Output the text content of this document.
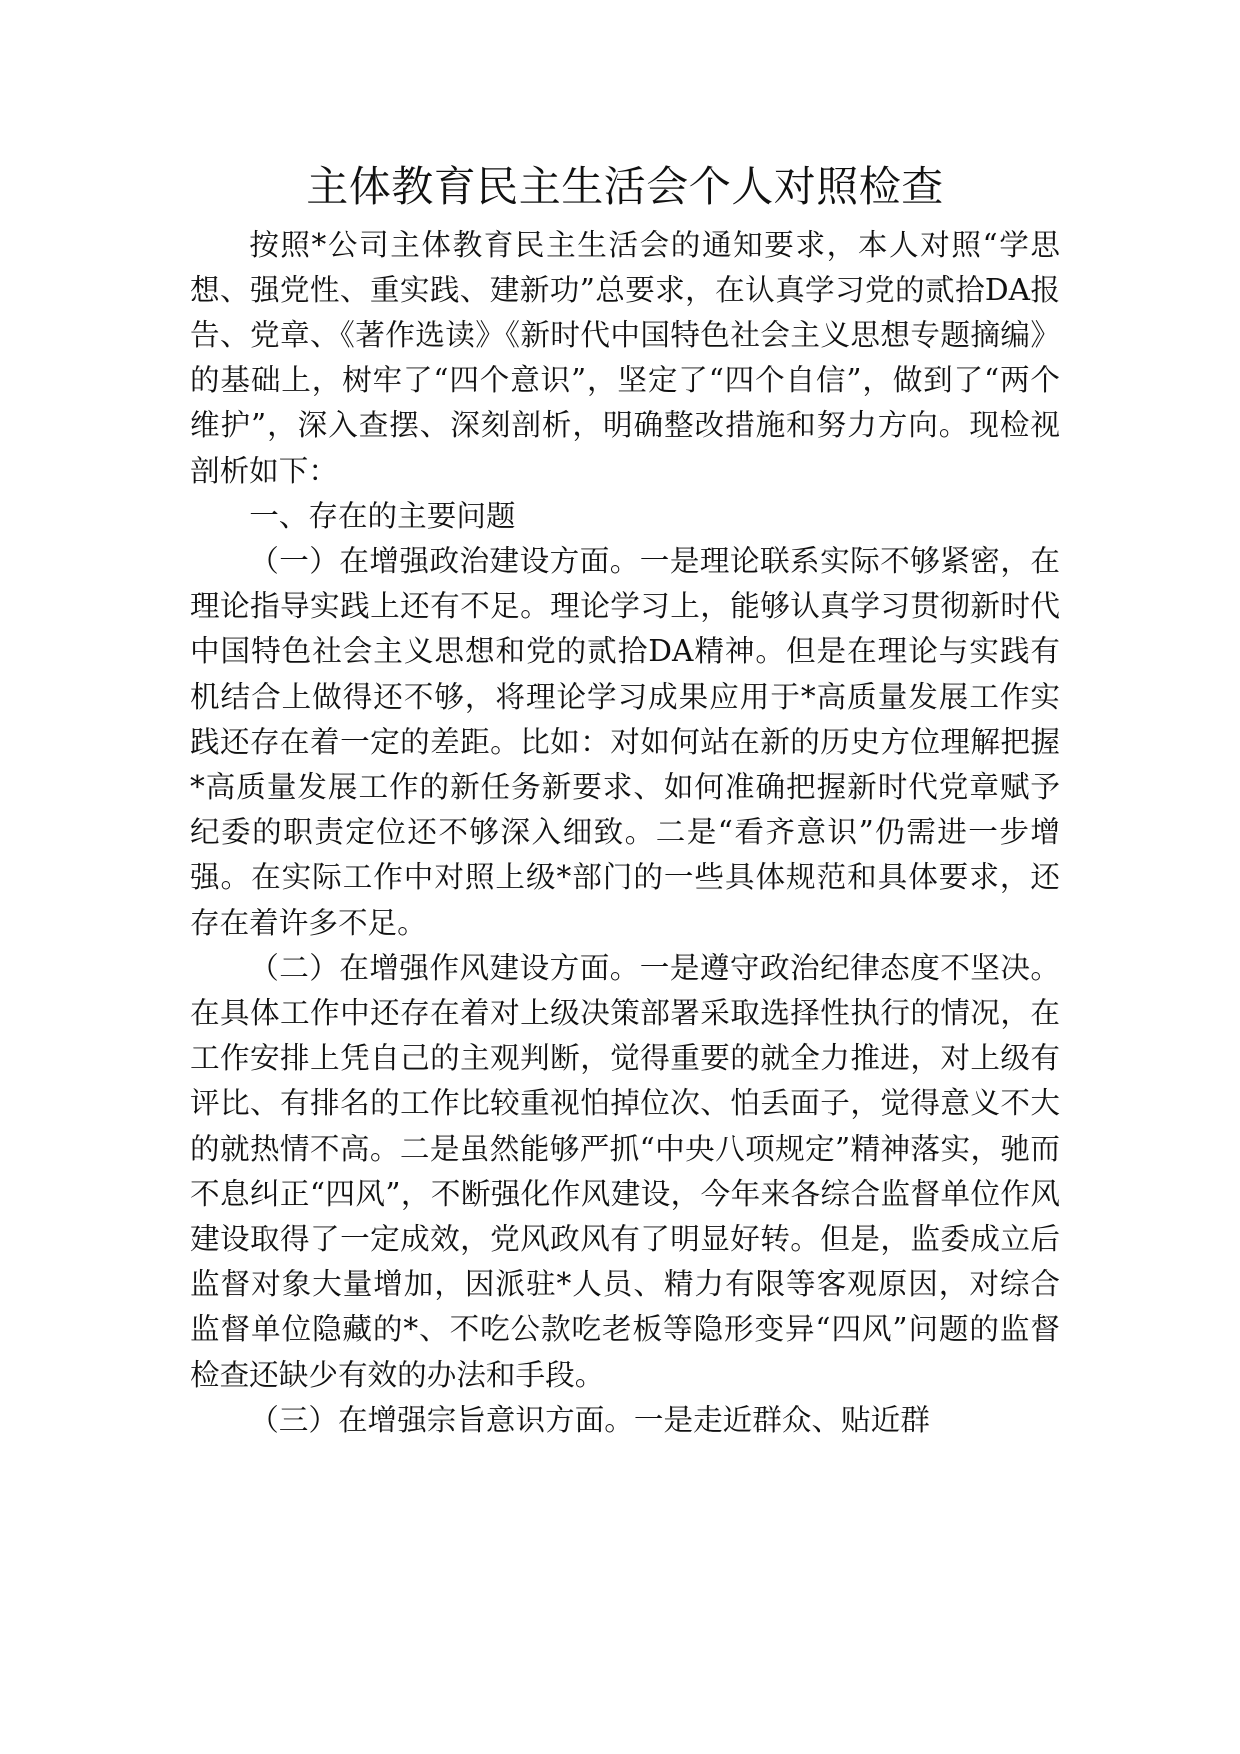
主体教育民主生活会个人对照检查

按照*公司主体教育民主生活会的通知要求，本人对照“学思想、强党性、重实践、建新功”总要求，在认真学习党的贰拾DA报告、党章、《著作选读》《新时代中国特色社会主义思想专题摘编》的基础上，树牢了“四个意识”，坚定了“四个自信”，做到了“两个维护”，深入查摆、深刻剖析，明确整改措施和努力方向。现检视剖析如下：

一、存在的主要问题

（一）在增强政治建设方面。一是理论联系实际不够紧密，在理论指导实践上还有不足。理论学习上，能够认真学习贯彻新时代中国特色社会主义思想和党的贰拾DA精神。但是在理论与实践有机结合上做得还不够，将理论学习成果应用于*高质量发展工作实践还存在着一定的差距。比如：对如何站在新的历史方位理解把握*高质量发展工作的新任务新要求、如何准确把握新时代党章赋予纪委的职责定位还不够深入细致。二是“看齐意识”仍需进一步增强。在实际工作中对照上级*部门的一些具体规范和具体要求，还存在着许多不足。

（二）在增强作风建设方面。一是遵守政治纪律态度不坚决。在具体工作中还存在着对上级决策部署采取选择性执行的情况，在工作安排上凭自己的主观判断，觉得重要的就全力推进，对上级有评比、有排名的工作比较重视怕掉位次、怕丢面子，觉得意义不大的就热情不高。二是虽然能够严抓“中央八项规定”精神落实，驰而不息纠正“四风”，不断强化作风建设，今年来各综合监督单位作风建设取得了一定成效，党风政风有了明显好转。但是，监委成立后监督对象大量增加，因派驻*人员、精力有限等客观原因，对综合监督单位隐藏的*、不吃公款吃老板等隐形变异“四风”问题的监督检查还缺少有效的办法和手段。

（三）在增强宗旨意识方面。一是走近群众、贴近群
